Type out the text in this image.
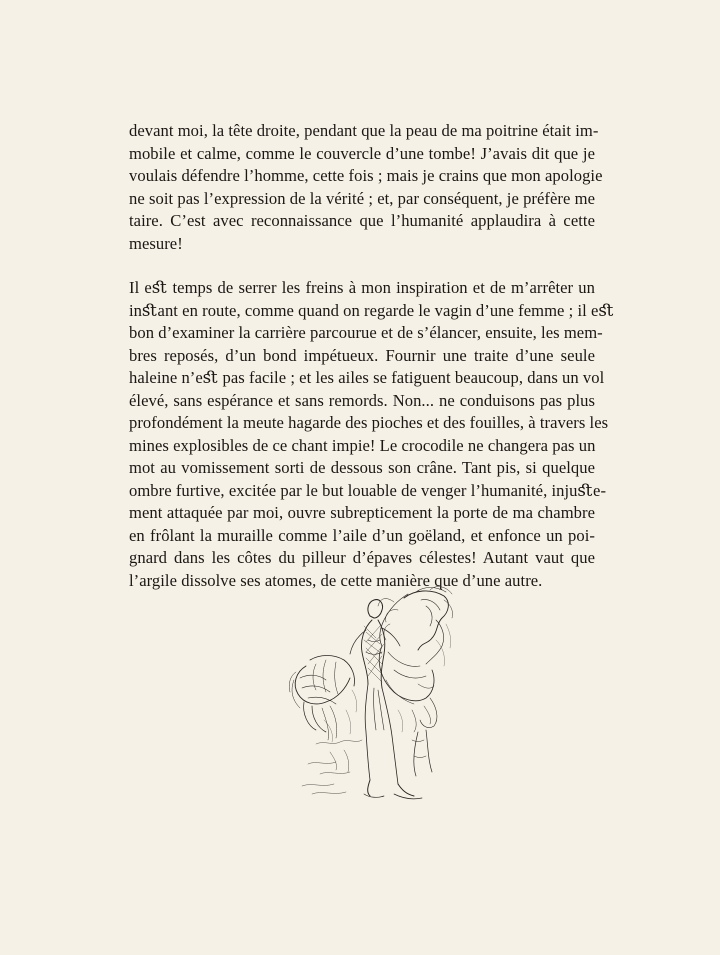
devant moi, la tête droite, pendant que la peau de ma poitrine était im-
mobile et calme, comme le couvercle d’une tombe! J’avais dit que je
voulais défendre l’homme, cette fois ; mais je crains que mon apologie
ne soit pas l’expression de la vérité ; et, par conséquent, je préfère me
taire. C’est avec reconnaissance que l’humanité applaudira à cette
mesure!
Il eﬆ temps de serrer les freins à mon inspiration et de m’arrêter un
inﬆant en route, comme quand on regarde le vagin d’une femme ; il eﬆ
bon d’examiner la carrière parcourue et de s’élancer, ensuite, les mem-
bres reposés, d’un bond impétueux. Fournir une traite d’une seule
haleine n’eﬆ pas facile ; et les ailes se fatiguent beaucoup, dans un vol
élevé, sans espérance et sans remords. Non... ne conduisons pas plus
profondément la meute hagarde des pioches et des fouilles, à travers les
mines explosibles de ce chant impie! Le crocodile ne changera pas un
mot au vomissement sorti de dessous son crâne. Tant pis, si quelque
ombre furtive, excitée par le but louable de venger l’humanité, injuﬆe-
ment attaquée par moi, ouvre subrepticement la porte de ma chambre
en frôlant la muraille comme l’aile d’un goëland, et enfonce un poi-
gnard dans les côtes du pilleur d’épaves célestes! Autant vaut que
l’argile dissolve ses atomes, de cette manière que d’une autre.
